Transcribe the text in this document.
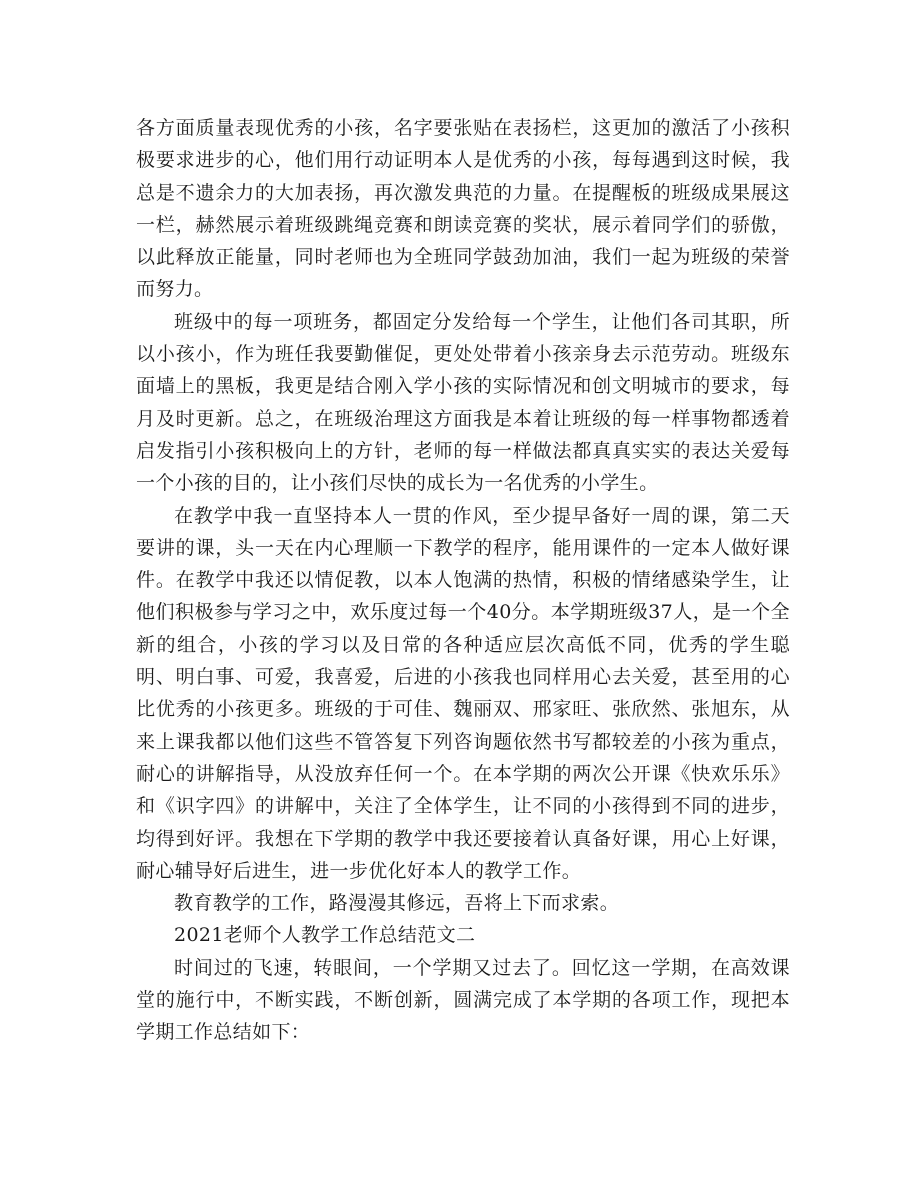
各方面质量表现优秀的小孩，名字要张贴在表扬栏，这更加的激活了小孩积极要求进步的心，他们用行动证明本人是优秀的小孩，每每遇到这时候，我总是不遗余力的大加表扬，再次激发典范的力量。在提醒板的班级成果展这一栏，赫然展示着班级跳绳竞赛和朗读竞赛的奖状，展示着同学们的骄傲，以此释放正能量，同时老师也为全班同学鼓劲加油，我们一起为班级的荣誉而努力。

班级中的每一项班务，都固定分发给每一个学生，让他们各司其职，所以小孩小，作为班任我要勤催促，更处处带着小孩亲身去示范劳动。班级东面墙上的黑板，我更是结合刚入学小孩的实际情况和创文明城市的要求，每月及时更新。总之，在班级治理这方面我是本着让班级的每一样事物都透着启发指引小孩积极向上的方针，老师的每一样做法都真真实实的表达关爱每一个小孩的目的，让小孩们尽快的成长为一名优秀的小学生。

在教学中我一直坚持本人一贯的作风，至少提早备好一周的课，第二天要讲的课，头一天在内心理顺一下教学的程序，能用课件的一定本人做好课件。在教学中我还以情促教，以本人饱满的热情，积极的情绪感染学生，让他们积极参与学习之中，欢乐度过每一个40分。本学期班级37人，是一个全新的组合，小孩的学习以及日常的各种适应层次高低不同，优秀的学生聪明、明白事、可爱，我喜爱，后进的小孩我也同样用心去关爱，甚至用的心比优秀的小孩更多。班级的于可佳、魏丽双、邢家旺、张欣然、张旭东，从来上课我都以他们这些不管答复下列咨询题依然书写都较差的小孩为重点，耐心的讲解指导，从没放弃任何一个。在本学期的两次公开课《快欢乐乐》和《识字四》的讲解中，关注了全体学生，让不同的小孩得到不同的进步，均得到好评。我想在下学期的教学中我还要接着认真备好课，用心上好课，耐心辅导好后进生，进一步优化好本人的教学工作。

教育教学的工作，路漫漫其修远，吾将上下而求索。

2021老师个人教学工作总结范文二

时间过的飞速，转眼间，一个学期又过去了。回忆这一学期，在高效课堂的施行中，不断实践，不断创新，圆满完成了本学期的各项工作，现把本学期工作总结如下：
